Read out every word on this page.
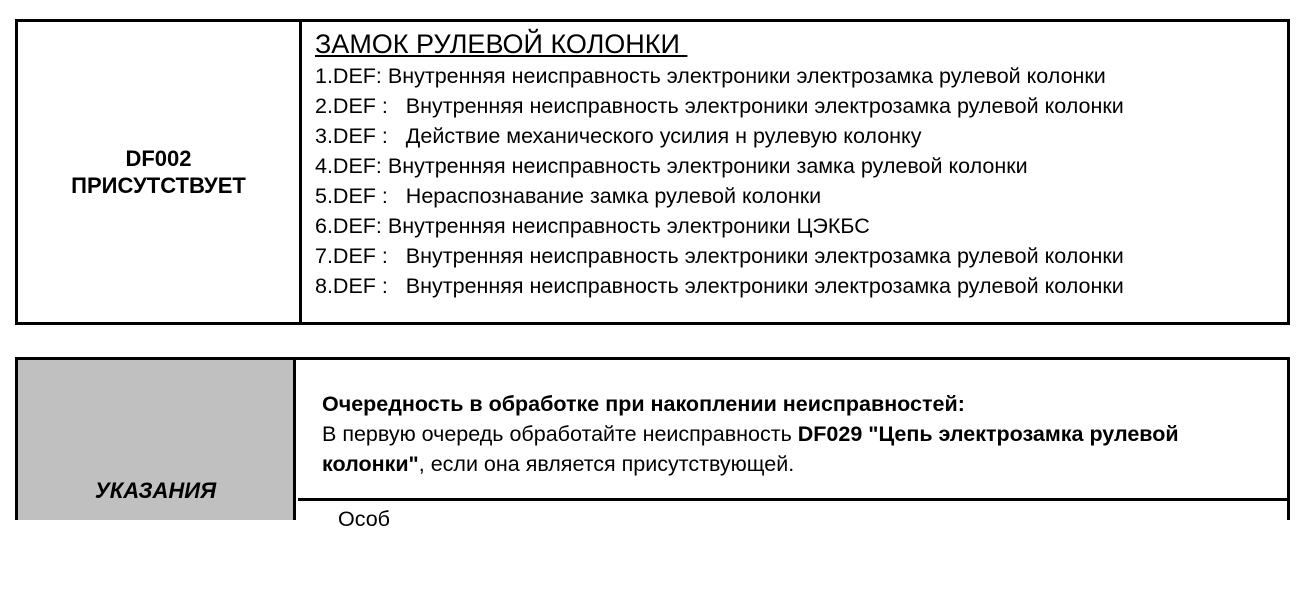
DF002
ПРИСУТСТВУЕТ
ЗАМОК РУЛЕВОЙ КОЛОНКИ
1.DEF: Внутренняя неисправность электроники электрозамка рулевой колонки
2.DEF :   Внутренняя неисправность электроники электрозамка рулевой колонки
3.DEF :   Действие механического усилия н рулевую колонку
4.DEF: Внутренняя неисправность электроники замка рулевой колонки
5.DEF :   Нераспознавание замка рулевой колонки
6.DEF: Внутренняя неисправность электроники ЦЭКБС
7.DEF :   Внутренняя неисправность электроники электрозамка рулевой колонки
8.DEF :   Внутренняя неисправность электроники электрозамка рулевой колонки
УКАЗАНИЯ
Очередность в обработке при накоплении неисправностей:
В первую очередь обработайте неисправность DF029 "Цепь электрозамка рулевой колонки", если она является присутствующей.
Особ
